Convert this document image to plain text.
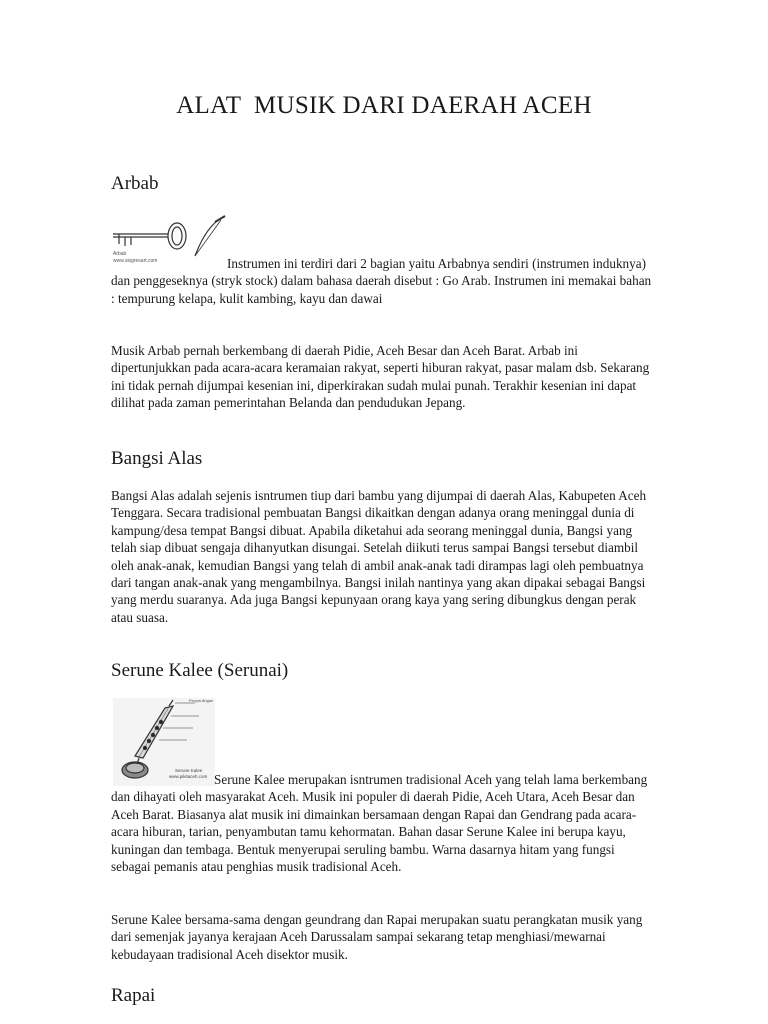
ALAT  MUSIK DARI DAERAH ACEH
Arbab
Arbab
www.sisgresart.com	Instrumen ini terdiri dari 2 bagian yaitu Arbabnya sendiri (instrumen induknya) dan penggeseknya (stryk stock) dalam bahasa daerah disebut : Go Arab. Instrumen ini memakai bahan : tempurung kelapa, kulit kambing, kayu dan dawai

Musik Arbab pernah berkembang di daerah Pidie, Aceh Besar dan Aceh Barat. Arbab ini dipertunjukkan pada acara-acara keramaian rakyat, seperti hiburan rakyat, pasar malam dsb. Sekarang ini tidak pernah dijumpai kesenian ini, diperkirakan sudah mulai punah. Terakhir kesenian ini dapat dilihat pada zaman pemerintahan Belanda dan pendudukan Jepang.

Bangsi Alas

Bangsi Alas adalah sejenis isntrumen tiup dari bambu yang dijumpai di daerah Alas, Kabupeten Aceh Tenggara. Secara tradisional pembuatan Bangsi dikaitkan dengan adanya orang meninggal dunia di kampung/desa tempat Bangsi dibuat. Apabila diketahui ada seorang meninggal dunia, Bangsi yang telah siap dibuat sengaja dihanyutkan disungai. Setelah diikuti terus sampai Bangsi tersebut diambil oleh anak-anak, kemudian Bangsi yang telah di ambil anak-anak tadi dirampas lagi oleh pembuatnya dari tangan anak-anak yang mengambilnya. Bangsi inilah nantinya yang akan dipakai sebagai Bangsi yang merdu suaranya. Ada juga Bangsi kepunyaan orang kaya yang sering dibungkus dengan perak atau suasa.

Serune Kalee (Serunai)
Penyeulingan
Serune Kalee
www.pikitaceh.com Serune Kalee merupakan isntrumen tradisional Aceh yang telah lama berkembang dan dihayati oleh masyarakat Aceh. Musik ini populer di daerah Pidie, Aceh Utara, Aceh Besar dan Aceh Barat. Biasanya alat musik ini dimainkan bersamaan dengan Rapai dan Gendrang pada acara-acara hiburan, tarian, penyambutan tamu kehormatan. Bahan dasar Serune Kalee ini berupa kayu, kuningan dan tembaga. Bentuk menyerupai seruling bambu. Warna dasarnya hitam yang fungsi sebagai pemanis atau penghias musik tradisional Aceh.

Serune Kalee bersama-sama dengan geundrang dan Rapai merupakan suatu perangkatan musik yang dari semenjak jayanya kerajaan Aceh Darussalam sampai sekarang tetap menghiasi/mewarnai kebudayaan tradisional Aceh disektor musik.

Rapai
